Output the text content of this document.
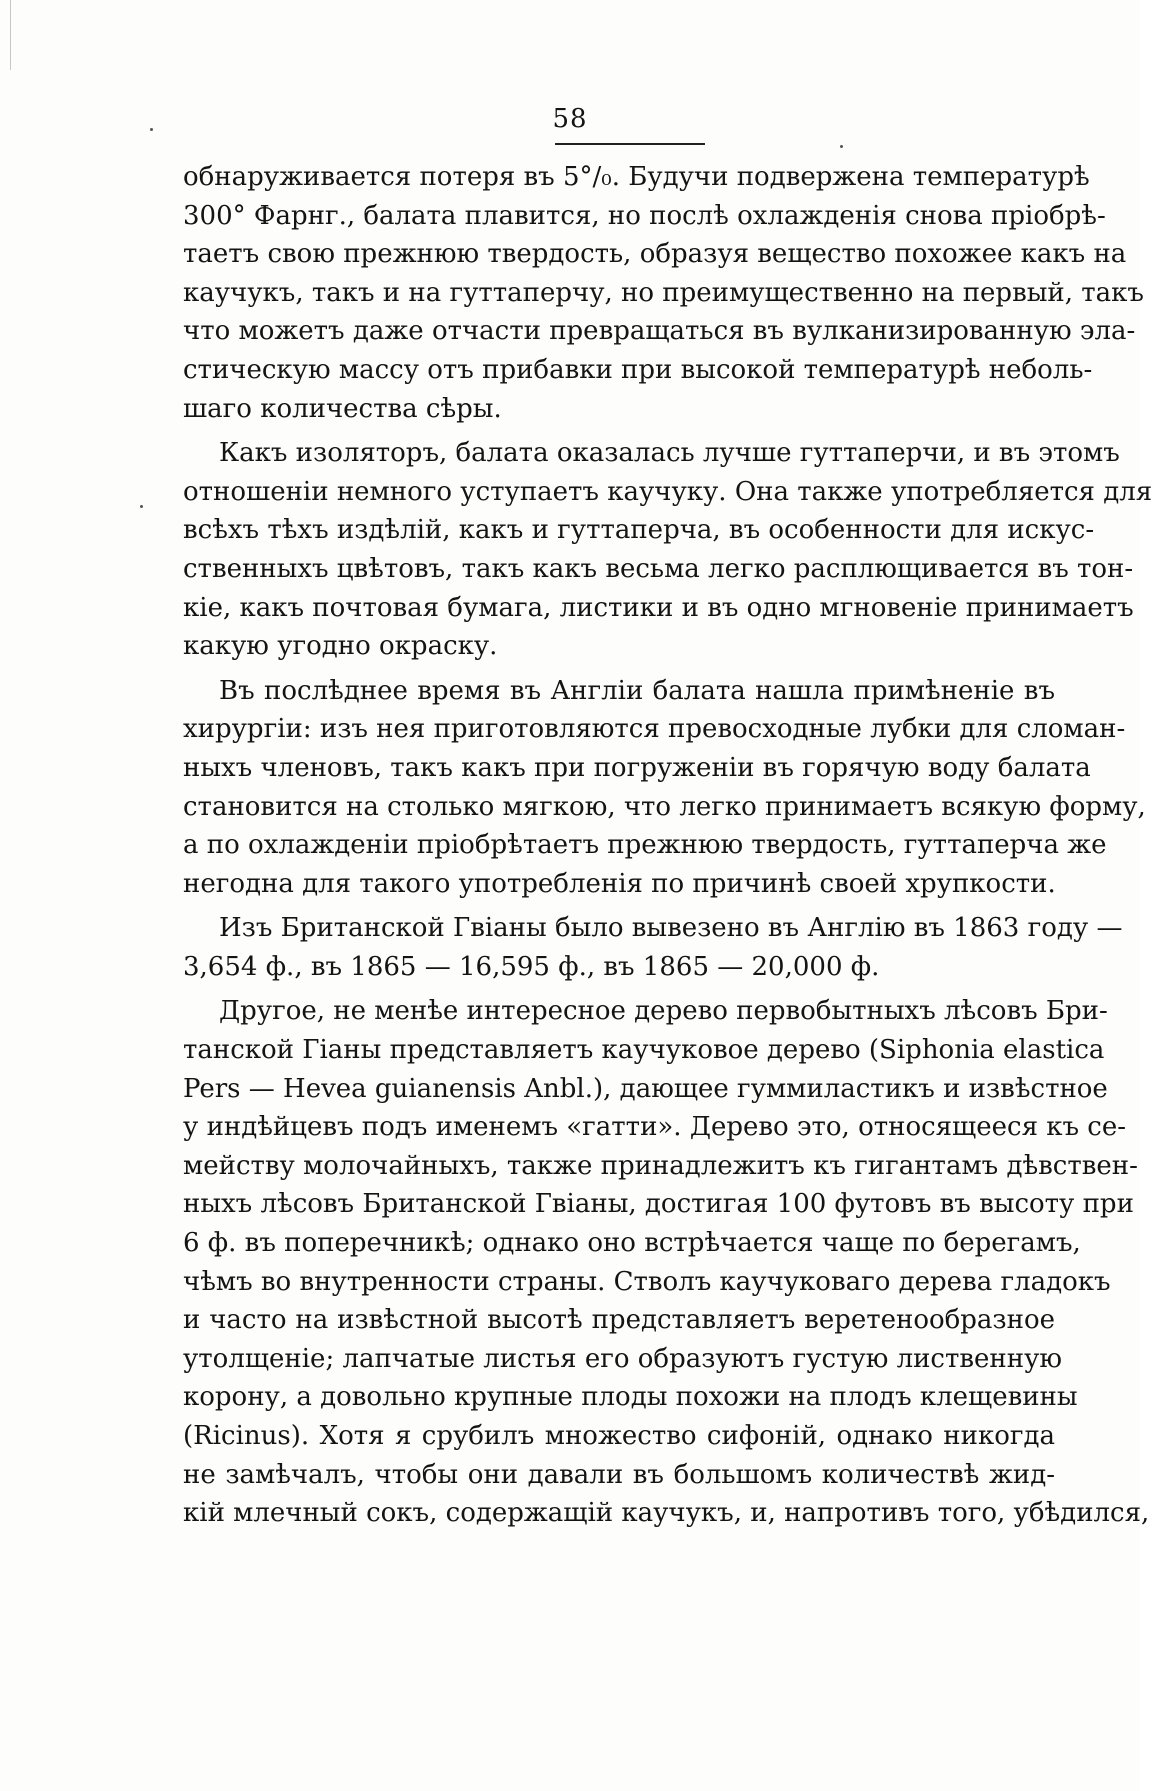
58
обнаруживается потеря въ 5°/₀. Будучи подвержена температурѣ
300° Фарнг., балата плавится, но послѣ охлажденія снова пріобрѣ-
таетъ свою прежнюю твердость, образуя вещество похожее какъ на
каучукъ, такъ и на гуттаперчу, но преимущественно на первый, такъ
что можетъ даже отчасти превращаться въ вулканизированную эла-
стическую массу отъ прибавки при высокой температурѣ неболь-
шаго количества сѣры.
Какъ изоляторъ, балата оказалась лучше гуттаперчи, и въ этомъ
отношеніи немного уступаетъ каучуку. Она также употребляется для
всѣхъ тѣхъ издѣлій, какъ и гуттаперча, въ особенности для искус-
ственныхъ цвѣтовъ, такъ какъ весьма легко расплющивается въ тон-
кіе, какъ почтовая бумага, листики и въ одно мгновеніе принимаетъ
какую угодно окраску.
Въ послѣднее время въ Англіи балата нашла примѣненіе въ
хирургіи: изъ нея приготовляются превосходные лубки для сломан-
ныхъ членовъ, такъ какъ при погруженіи въ горячую воду балата
становится на столько мягкою, что легко принимаетъ всякую форму,
а по охлажденіи пріобрѣтаетъ прежнюю твердость, гуттаперча же
негодна для такого употребленія по причинѣ своей хрупкости.
Изъ Британской Гвіаны было вывезено въ Англію въ 1863 году —
3,654 ф., въ 1865 — 16,595 ф., въ 1865 — 20,000 ф.
Другое, не менѣе интересное дерево первобытныхъ лѣсовъ Бри-
танской Гіаны представляетъ каучуковое дерево (Siphonia elastica
Pers — Hevea guianensis Anbl.), дающее гуммиластикъ и извѣстное
у индѣйцевъ подъ именемъ «гатти». Дерево это, относящееся къ се-
мейству молочайныхъ, также принадлежитъ къ гигантамъ дѣвствен-
ныхъ лѣсовъ Британской Гвіаны, достигая 100 футовъ въ высоту при
6 ф. въ поперечникѣ; однако оно встрѣчается чаще по берегамъ,
чѣмъ во внутренности страны. Стволъ каучуковаго дерева гладокъ
и часто на извѣстной высотѣ представляетъ веретенообразное
утолщеніе; лапчатые листья его образуютъ густую лиственную
корону, а довольно крупные плоды похожи на плодъ клещевины
(Ricinus). Хотя я срубилъ множество сифоній, однако никогда
не замѣчалъ, чтобы они давали въ большомъ количествѣ жид-
кій млечный сокъ, содержащій каучукъ, и, напротивъ того, убѣдился,
